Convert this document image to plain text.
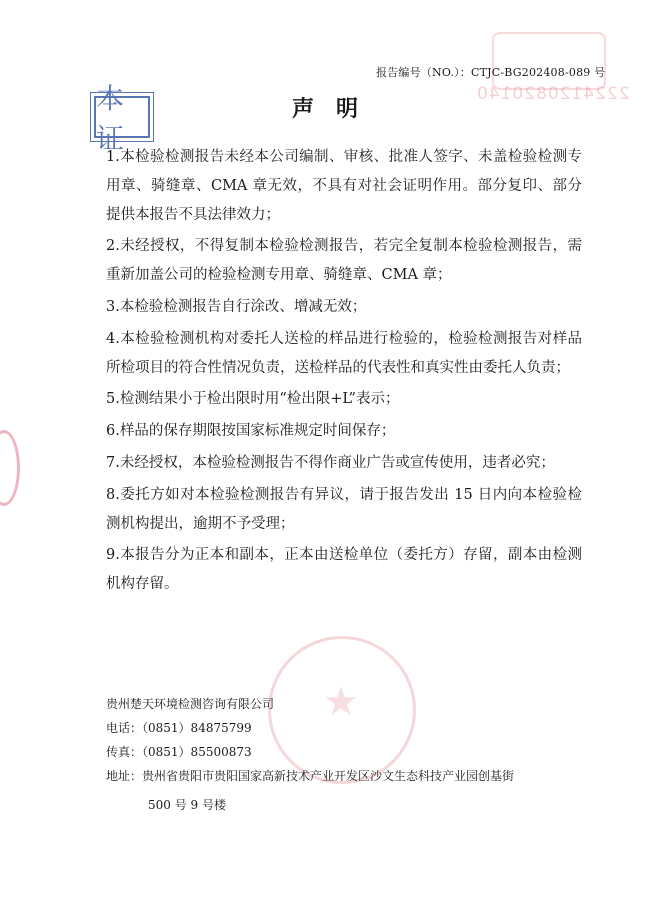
2224120820140
本 证
★
报告编号（NO.）：CTJC-BG202408-089 号
声明

1.本检验检测报告未经本公司编制、审核、批准人签字、未盖检验检测专用章、骑缝章、CMA 章无效，不具有对社会证明作用。部分复印、部分提供本报告不具法律效力；

2.未经授权，不得复制本检验检测报告，若完全复制本检验检测报告，需重新加盖公司的检验检测专用章、骑缝章、CMA 章；

3.本检验检测报告自行涂改、增减无效；

4.本检验检测机构对委托人送检的样品进行检验的，检验检测报告对样品所检项目的符合性情况负责，送检样品的代表性和真实性由委托人负责；

5.检测结果小于检出限时用“检出限+L”表示；

6.样品的保存期限按国家标准规定时间保存；

7.未经授权，本检验检测报告不得作商业广告或宣传使用，违者必究；

8.委托方如对本检验检测报告有异议，请于报告发出 15 日内向本检验检测机构提出，逾期不予受理；

9.本报告分为正本和副本，正本由送检单位（委托方）存留，副本由检测机构存留。

贵州楚天环境检测咨询有限公司
电话：（0851）84875799
传真：（0851）85500873
地址： 贵州省贵阳市贵阳国家高新技术产业开发区沙文生态科技产业园创基街
500 号 9 号楼
